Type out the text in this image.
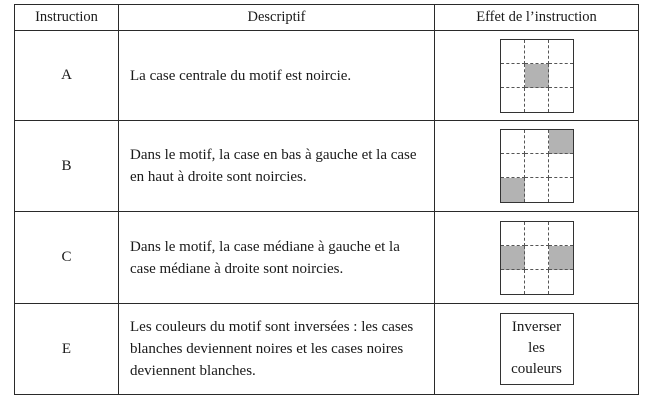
Instruction	Descriptif	Effet de l’instruction
A	La case centrale du motif est noircie.	

B	Dans le motif, la case en bas à gauche et la case en haut à droite sont noircies.	

C	Dans le motif, la case médiane à gauche et la case médiane à droite sont noircies.	

E	Les couleurs du motif sont inversées : les cases blanches deviennent noires et les cases noires deviennent blanches.	Inverser
les
couleurs
